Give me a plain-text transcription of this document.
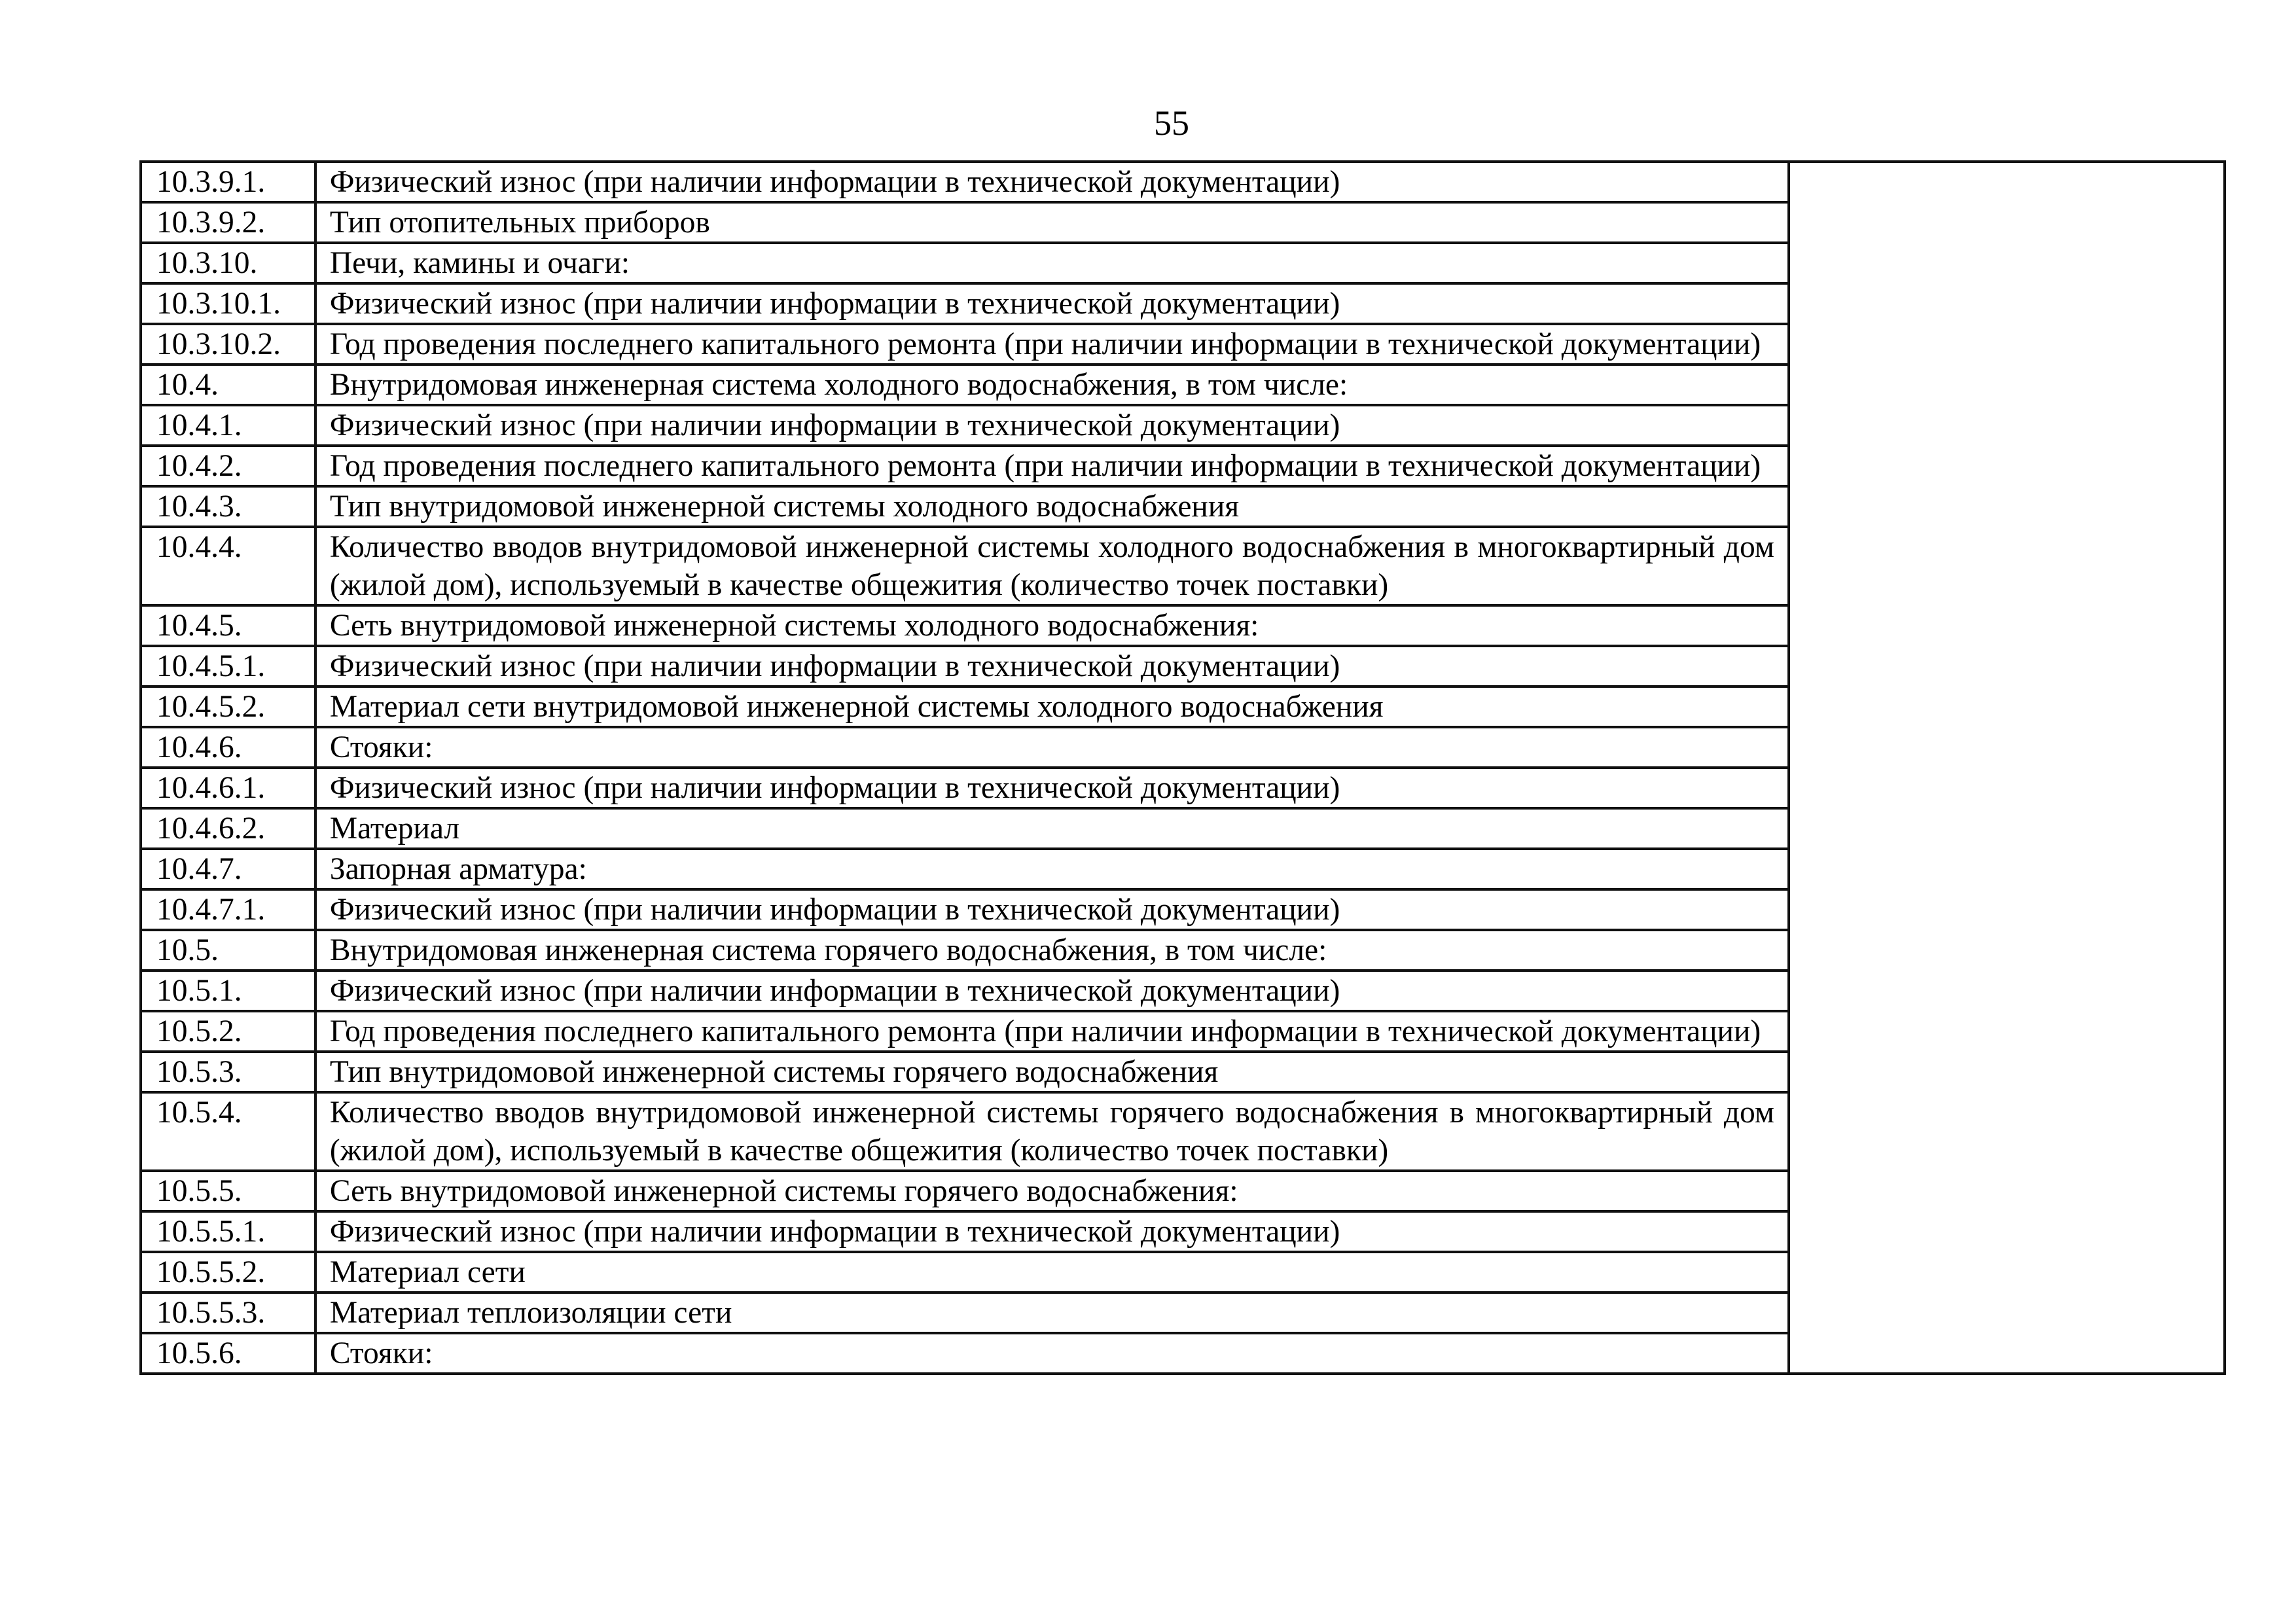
55
10.3.9.1.	Физический износ (при наличии информации в технической документации)	
10.3.9.2.	Тип отопительных приборов	
10.3.10.	Печи, камины и очаги:	
10.3.10.1.	Физический износ (при наличии информации в технической документации)	
10.3.10.2.	Год проведения последнего капитального ремонта (при наличии информации в технической документации)	
10.4.	Внутридомовая инженерная система холодного водоснабжения, в том числе:	
10.4.1.	Физический износ (при наличии информации в технической документации)	
10.4.2.	Год проведения последнего капитального ремонта (при наличии информации в технической документации)	
10.4.3.	Тип внутридомовой инженерной системы холодного водоснабжения	
10.4.4.	Количество вводов внутридомовой инженерной системы холодного водоснабжения в многоквартирный дом (жилой дом), используемый в качестве общежития (количество точек поставки)	
10.4.5.	Сеть внутридомовой инженерной системы холодного водоснабжения:	
10.4.5.1.	Физический износ (при наличии информации в технической документации)	
10.4.5.2.	Материал сети внутридомовой инженерной системы холодного водоснабжения	
10.4.6.	Стояки:	
10.4.6.1.	Физический износ (при наличии информации в технической документации)	
10.4.6.2.	Материал	
10.4.7.	Запорная арматура:	
10.4.7.1.	Физический износ (при наличии информации в технической документации)	
10.5.	Внутридомовая инженерная система горячего водоснабжения, в том числе:	
10.5.1.	Физический износ (при наличии информации в технической документации)	
10.5.2.	Год проведения последнего капитального ремонта (при наличии информации в технической документации)	
10.5.3.	Тип внутридомовой инженерной системы горячего водоснабжения	
10.5.4.	Количество вводов внутридомовой инженерной системы горячего водоснабжения в многоквартирный дом (жилой дом), используемый в качестве общежития (количество точек поставки)	
10.5.5.	Сеть внутридомовой инженерной системы горячего водоснабжения:	
10.5.5.1.	Физический износ (при наличии информации в технической документации)	
10.5.5.2.	Материал сети	
10.5.5.3.	Материал теплоизоляции сети	
10.5.6.	Стояки:	
